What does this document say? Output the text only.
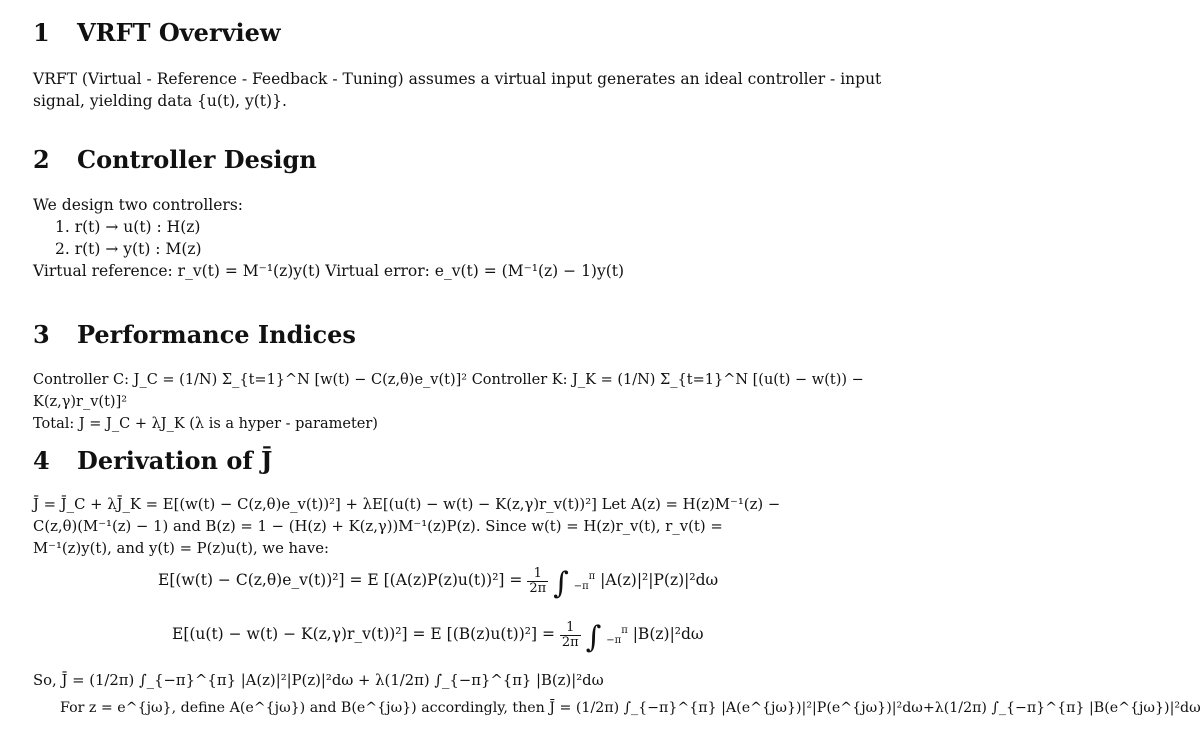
1 VRFT Overview
VRFT (Virtual - Reference - Feedback - Tuning) assumes a virtual input generates an ideal controller - input
signal, yielding data {u(t), y(t)}.
2 Controller Design
We design two controllers:
1. r(t) → u(t) : H(z)
2. r(t) → y(t) : M(z)
Virtual reference: r_v(t) = M⁻¹(z)y(t) Virtual error: e_v(t) = (M⁻¹(z) − 1)y(t)
3 Performance Indices
Controller C: J_C = (1/N) Σ_{t=1}^N [w(t) − C(z,θ)e_v(t)]² Controller K: J_K = (1/N) Σ_{t=1}^N [(u(t) − w(t)) − K(z,γ)r_v(t)]²
Total: J = J_C + λJ_K (λ is a hyper - parameter)
4 Derivation of J̄
J̄ = J̄_C + λJ̄_K = E[(w(t) − C(z,θ)e_v(t))²] + λE[(u(t) − w(t) − K(z,γ)r_v(t))²] Let A(z) = H(z)M⁻¹(z) −
C(z,θ)(M⁻¹(z) − 1) and B(z) = 1 − (H(z) + K(z,γ))M⁻¹(z)P(z). Since w(t) = H(z)r_v(t), r_v(t) =
M⁻¹(z)y(t), and y(t) = P(z)u(t), we have:
E[(w(t) − C(z,θ)e_v(t))²] = E $[(A(z)P(z)u(t))^2] = \frac{1}{2\pi}$ ∫ $_{-\pi}^\pi$ |A(z)|²|P(z)|²dω
E[(u(t) − w(t) − K(z,γ)r_v(t))²] = E $[(B(z)u(t))^2] = \frac{1}{2\pi}$ ∫ $_{-\pi}^\pi$ |B(z)|²dω
So, J̄ = (1/2π) ∫_{−π}^{π} |A(z)|²|P(z)|²dω + λ(1/2π) ∫_{−π}^{π} |B(z)|²dω
For z = e^{jω}, define A(e^{jω}) and B(e^{jω}) accordingly, then J̄ = (1/2π) ∫_{−π}^{π} |A(e^{jω})|²|P(e^{jω})|²dω+λ(1/2π) ∫_{−π}^{π} |B(e^{jω})|²dω
